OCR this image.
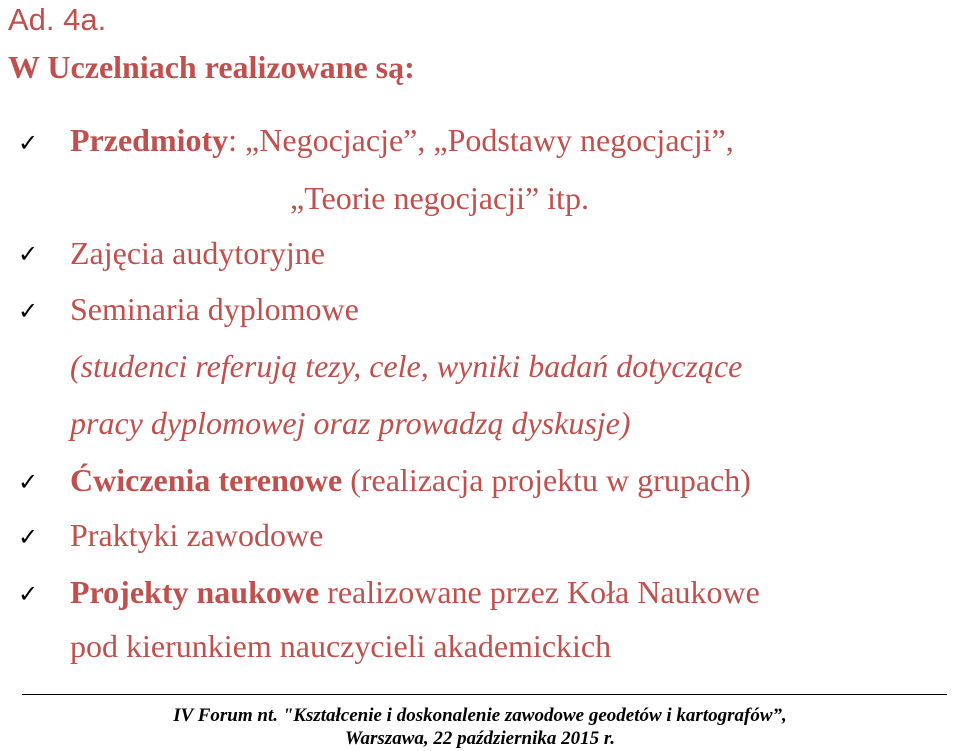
Ad. 4a.
W Uczelniach realizowane są:
✓ Przedmioty: „Negocjacje”, „Podstawy negocjacji”,
„Teorie negocjacji” itp.
✓ Zajęcia audytoryjne
✓ Seminaria dyplomowe
(studenci referują tezy, cele, wyniki badań dotyczące
pracy dyplomowej oraz prowadzą dyskusje)
✓ Ćwiczenia terenowe (realizacja projektu w grupach)
✓ Praktyki zawodowe
✓ Projekty naukowe realizowane przez Koła Naukowe
pod kierunkiem nauczycieli akademickich
IV Forum nt. "Kształcenie i doskonalenie zawodowe geodetów i kartografów”,
Warszawa, 22 października 2015 r.
